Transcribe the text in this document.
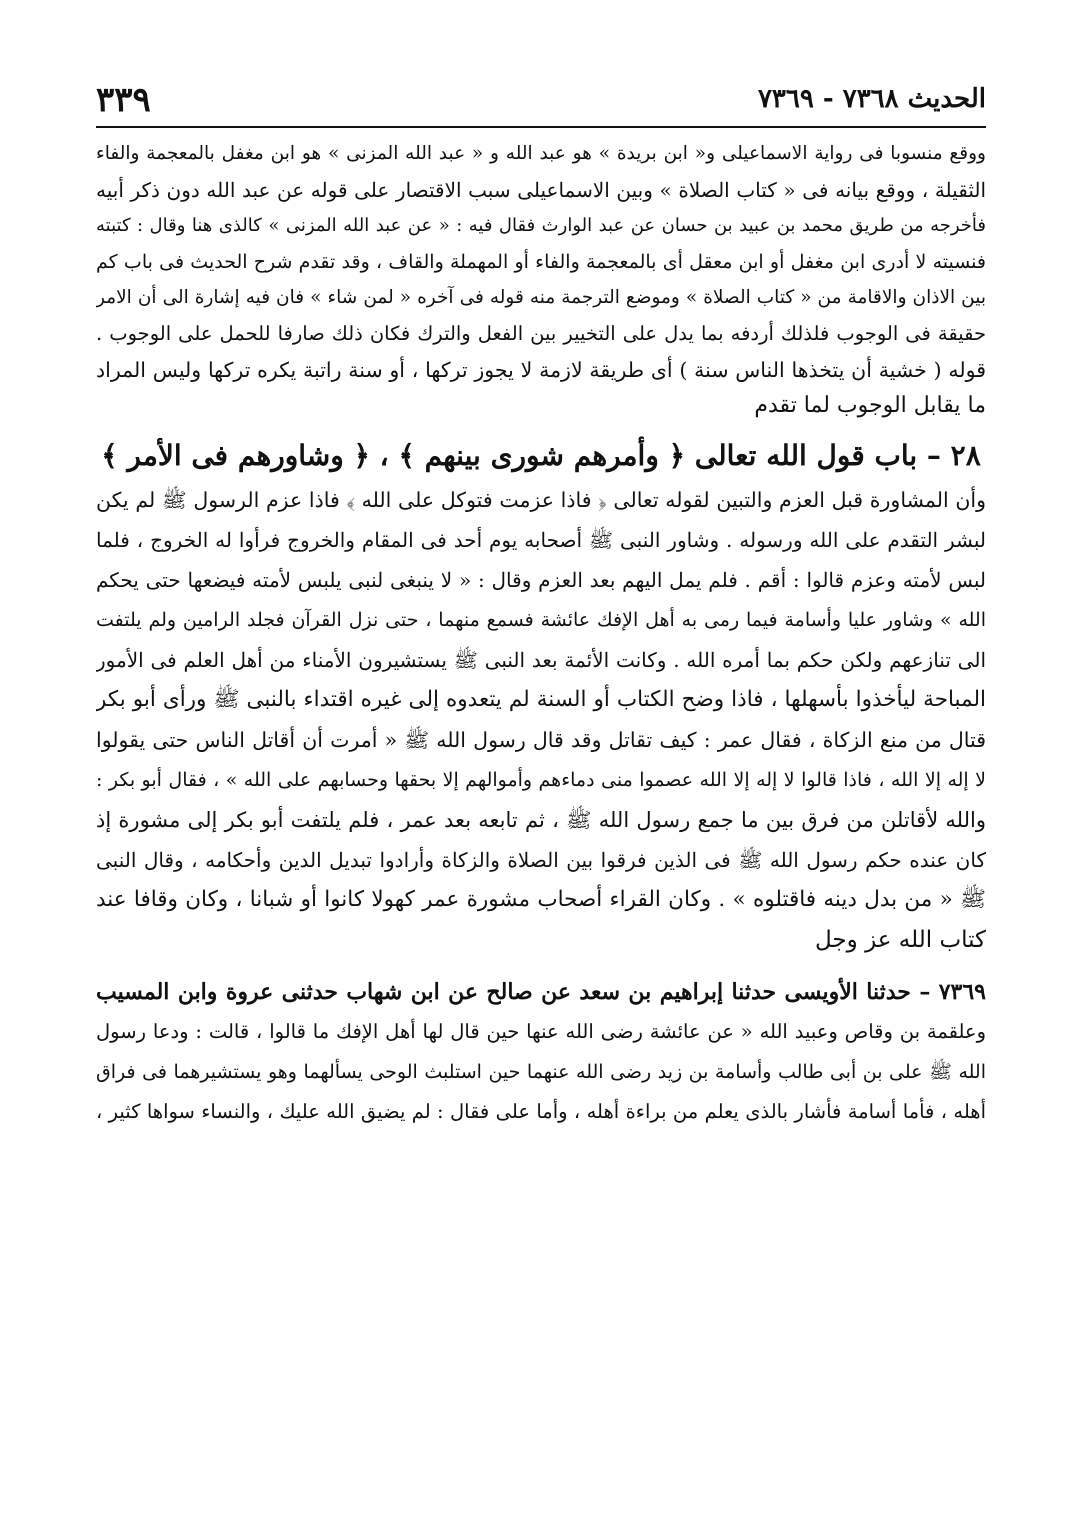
الحديث ٧٣٦٨ - ٧٣٦٩
٣٣٩
ووقع منسوبا فى رواية الاسماعيلى و« ابن بريدة » هو عبد الله و « عبد الله المزنى » هو ابن مغفل بالمعجمة والفاء
الثقيلة ، ووقع بيانه فى « كتاب الصلاة » وبين الاسماعيلى سبب الاقتصار على قوله عن عبد الله دون ذكر أبيه
فأخرجه من طريق محمد بن عبيد بن حسان عن عبد الوارث فقال فيه : « عن عبد الله المزنى » كالذى هنا وقال : كتبته
فنسيته لا أدرى ابن مغفل أو ابن معقل أى بالمعجمة والفاء أو المهملة والقاف ، وقد تقدم شرح الحديث فى باب كم
بين الاذان والاقامة من « كتاب الصلاة » وموضع الترجمة منه قوله فى آخره « لمن شاء » فان فيه إشارة الى أن الامر
حقيقة فى الوجوب فلذلك أردفه بما يدل على التخيير بين الفعل والترك فكان ذلك صارفا للحمل على الوجوب .
قوله ( خشية أن يتخذها الناس سنة ) أى طريقة لازمة لا يجوز تركها ، أو سنة راتبة يكره تركها وليس المراد
ما يقابل الوجوب لما تقدم
٢٨ – باب قول الله تعالى ﴿ وأمرهم شورى بينهم ﴾ ، ﴿ وشاورهم فى الأمر ﴾
وأن المشاورة قبل العزم والتبين لقوله تعالى ﴿ فاذا عزمت فتوكل على الله ﴾ فاذا عزم الرسول ﷺ لم يكن
لبشر التقدم على الله ورسوله . وشاور النبى ﷺ أصحابه يوم أحد فى المقام والخروج فرأوا له الخروج ، فلما
لبس لأمته وعزم قالوا : أقم . فلم يمل اليهم بعد العزم وقال : « لا ينبغى لنبى يلبس لأمته فيضعها حتى يحكم
الله » وشاور عليا وأسامة فيما رمى به أهل الإفك عائشة فسمع منهما ، حتى نزل القرآن فجلد الرامين ولم يلتفت
الى تنازعهم ولكن حكم بما أمره الله . وكانت الأئمة بعد النبى ﷺ يستشيرون الأمناء من أهل العلم فى الأمور
المباحة ليأخذوا بأسهلها ، فاذا وضح الكتاب أو السنة لم يتعدوه إلى غيره اقتداء بالنبى ﷺ ورأى أبو بكر
قتال من منع الزكاة ، فقال عمر : كيف تقاتل وقد قال رسول الله ﷺ « أمرت أن أقاتل الناس حتى يقولوا
لا إله إلا الله ، فاذا قالوا لا إله إلا الله عصموا منى دماءهم وأموالهم إلا بحقها وحسابهم على الله » ، فقال أبو بكر :
والله لأقاتلن من فرق بين ما جمع رسول الله ﷺ ، ثم تابعه بعد عمر ، فلم يلتفت أبو بكر إلى مشورة إذ
كان عنده حكم رسول الله ﷺ فى الذين فرقوا بين الصلاة والزكاة وأرادوا تبديل الدين وأحكامه ، وقال النبى
ﷺ « من بدل دينه فاقتلوه » . وكان القراء أصحاب مشورة عمر كهولا كانوا أو شبانا ، وكان وقافا عند
كتاب الله عز وجل
٧٣٦٩ – حدثنا الأويسى حدثنا إبراهيم بن سعد عن صالح عن ابن شهاب حدثنى عروة وابن المسيب
وعلقمة بن وقاص وعبيد الله « عن عائشة رضى الله عنها حين قال لها أهل الإفك ما قالوا ، قالت : ودعا رسول
الله ﷺ على بن أبى طالب وأسامة بن زيد رضى الله عنهما حين استلبث الوحى يسألهما وهو يستشيرهما فى فراق
أهله ، فأما أسامة فأشار بالذى يعلم من براءة أهله ، وأما على فقال : لم يضيق الله عليك ، والنساء سواها كثير ،
